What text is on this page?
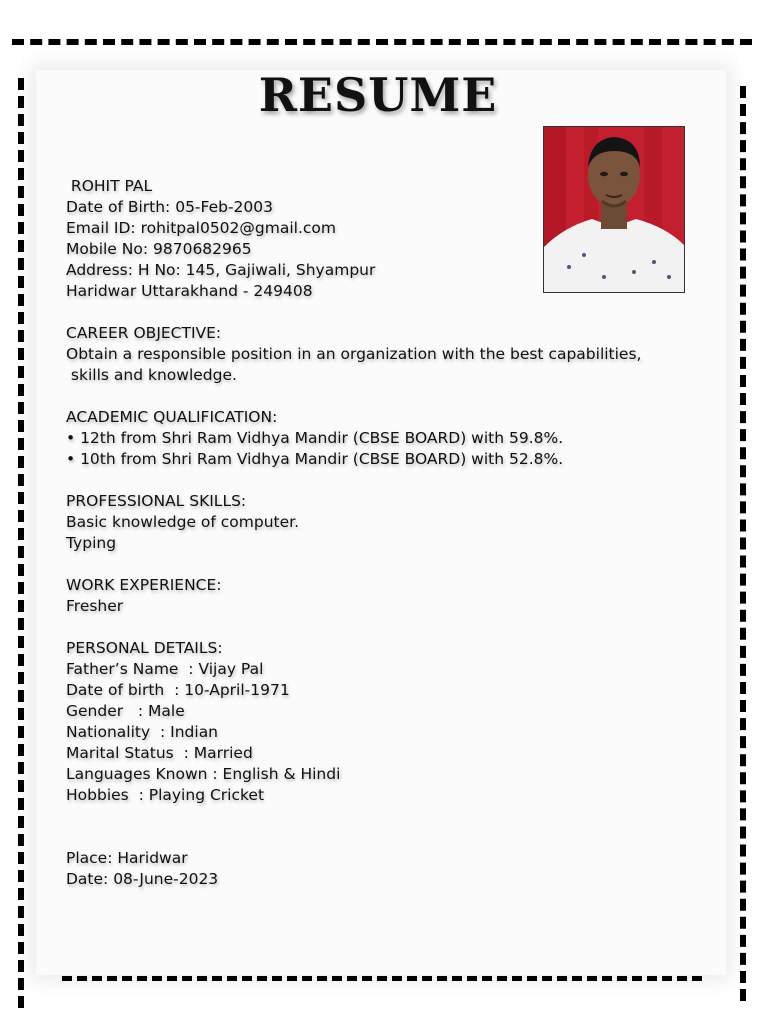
RESUME
ROHIT PAL
Date of Birth: 05-Feb-2003
Email ID: rohitpal0502@gmail.com
Mobile No: 9870682965
Address: H No: 145, Gajiwali, Shyampur
Haridwar Uttarakhand - 249408
CAREER OBJECTIVE:
Obtain a responsible position in an organization with the best capabilities,
skills and knowledge.
ACADEMIC QUALIFICATION:
• 12th from Shri Ram Vidhya Mandir (CBSE BOARD) with 59.8%.
• 10th from Shri Ram Vidhya Mandir (CBSE BOARD) with 52.8%.
PROFESSIONAL SKILLS:
Basic knowledge of computer.
Typing
WORK EXPERIENCE:
Fresher
PERSONAL DETAILS:
Father’s Name  : Vijay Pal
Date of birth  : 10-April-1971
Gender   : Male
Nationality  : Indian
Marital Status  : Married
Languages Known : English & Hindi
Hobbies  : Playing Cricket
Place: Haridwar
Date: 08-June-2023
